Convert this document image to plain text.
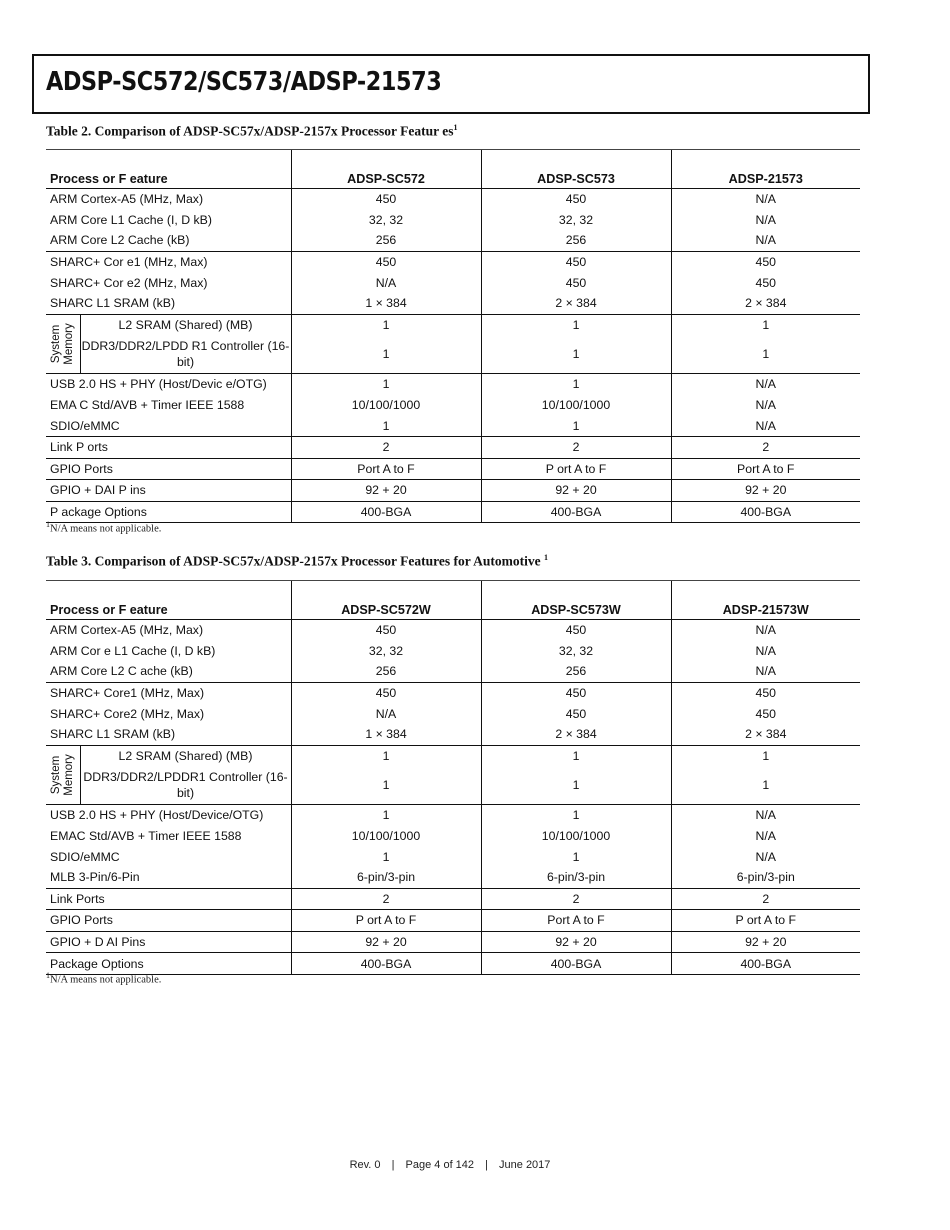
ADSP-SC572/SC573/ADSP-21573
Table 2. Comparison of ADSP-SC57x/ADSP-2157x Processor Featur $es^1$
Process or F eature		ADSP-SC572	ADSP-SC573	ADSP-21573
ARM Cortex-A5 (MHz, Max)		450	450	N/A
ARM Core L1 Cache (I, D kB)		32, 32	32, 32	N/A
ARM Core L2 Cache (kB)		256	256	N/A
SHARC+ Cor e1 (MHz, Max)		450	450	450
SHARC+ Cor e2 (MHz, Max)		N/A	450	450
SHARC L1 SRAM (kB)		1 × 384	2 × 384	2 × 384

System
Memory	L2 SRAM (Shared) (MB)	1	1	1
	DDR3/DDR2/LPDD R1 Controller (16-bit)	1	1	1
USB 2.0 HS + PHY (Host/Devic e/OTG)		1	1	N/A
EMA C Std/AVB + Timer IEEE 1588		10/100/1000	10/100/1000	N/A
SDIO/eMMC		1	1	N/A
Link P orts		2	2	2
GPIO Ports		Port A to F	P ort A to F	Port A to F
GPIO + DAI P ins		92 + 20	92 + 20	92 + 20
P ackage Options		400-BGA	400-BGA	400-BGA
$^1$N/A means not applicable.
Table 3. Comparison of ADSP-SC57x/ADSP-2157x Processor Features for Automotive $^1$
Process or F eature		ADSP-SC572W	ADSP-SC573W	ADSP-21573W
ARM Cortex-A5 (MHz, Max)		450	450	N/A
ARM Cor e L1 Cache (I, D kB)		32, 32	32, 32	N/A
ARM Core L2 C ache (kB)		256	256	N/A
SHARC+ Core1 (MHz, Max)		450	450	450
SHARC+ Core2 (MHz, Max)		N/A	450	450
SHARC L1 SRAM (kB)		1 × 384	2 × 384	2 × 384

System
Memory	L2 SRAM (Shared) (MB)	1	1	1
	DDR3/DDR2/LPDDR1 Controller (16-bit)	1	1	1
USB 2.0 HS + PHY (Host/Device/OTG)		1	1	N/A
EMAC Std/AVB + Timer IEEE 1588		10/100/1000	10/100/1000	N/A
SDIO/eMMC		1	1	N/A
MLB 3-Pin/6-Pin		6-pin/3-pin	6-pin/3-pin	6-pin/3-pin
Link Ports		2	2	2
GPIO Ports		P ort A to F	Port A to F	P ort A to F
GPIO + D AI Pins		92 + 20	92 + 20	92 + 20
Package Options		400-BGA	400-BGA	400-BGA
$^1$N/A means not applicable.
Rev. 0 | Page 4 of 142 | June 2017
